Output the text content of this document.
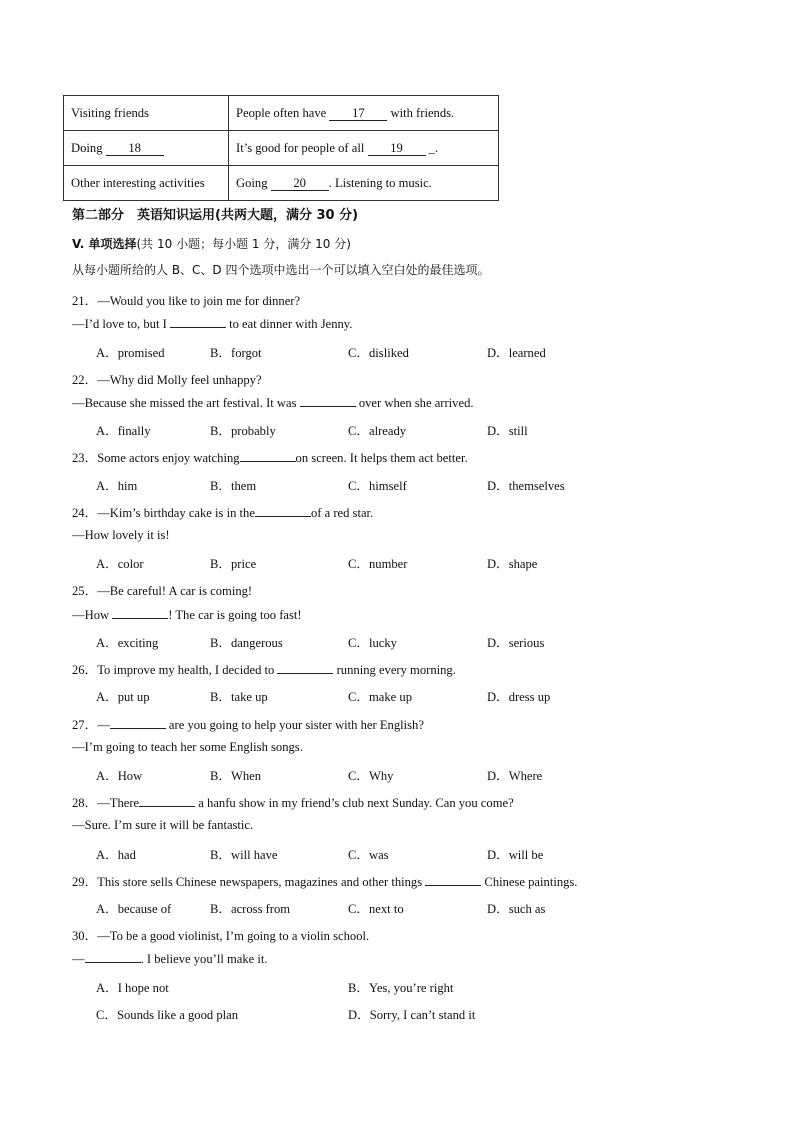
Visiting friends	People often have 17 with friends.
Doing 18	It’s good for people of all 19 _.
Other interesting activities	Going 20 . Listening to music.
第二部分　英语知识运用(共两大题，满分 30 分)
V. 单项选择(共 10 小题；每小题 1 分，满分 10 分)
从每小题所给的人 B、C、D 四个选项中选出一个可以填入空白处的最佳选项。
21．—Would you like to join me for dinner?
—I’d love to, but I	to eat dinner with Jenny.
A．promised	B．forgot	C．disliked	D．learned
22．—Why did Molly feel unhappy?
—Because she missed the art festival. It was	over when she arrived.
A．finally	B．probably	C．already	D．still
23．Some actors enjoy watching	on screen. It helps them act better.
A．him	B．them	C．himself	D．themselves
24．—Kim’s birthday cake is in the	of a red star.
—How lovely it is!
A．color	B．price	C．number	D．shape
25．—Be careful! A car is coming!
—How	! The car is going too fast!
A．exciting	B．dangerous	C．lucky	D．serious
26．To improve my health, I decided to	running every morning.
A．put up	B．take up	C．make up	D．dress up
27．—	are you going to help your sister with her English?
—I’m going to teach her some English songs.
A．How	B．When	C．Why	D．Where
28．—There	a hanfu show in my friend’s club next Sunday. Can you come?
—Sure. I’m sure it will be fantastic.
A．had	B．will have	C．was	D．will be
29．This store sells Chinese newspapers, magazines and other things	Chinese paintings.
A．because of	B．across from	C．next to	D．such as
30．—To be a good violinist, I’m going to a violin school.
—	. I believe you’ll make it.
A．I hope not	B．Yes, you’re right
C．Sounds like a good plan	D．Sorry, I can’t stand it
